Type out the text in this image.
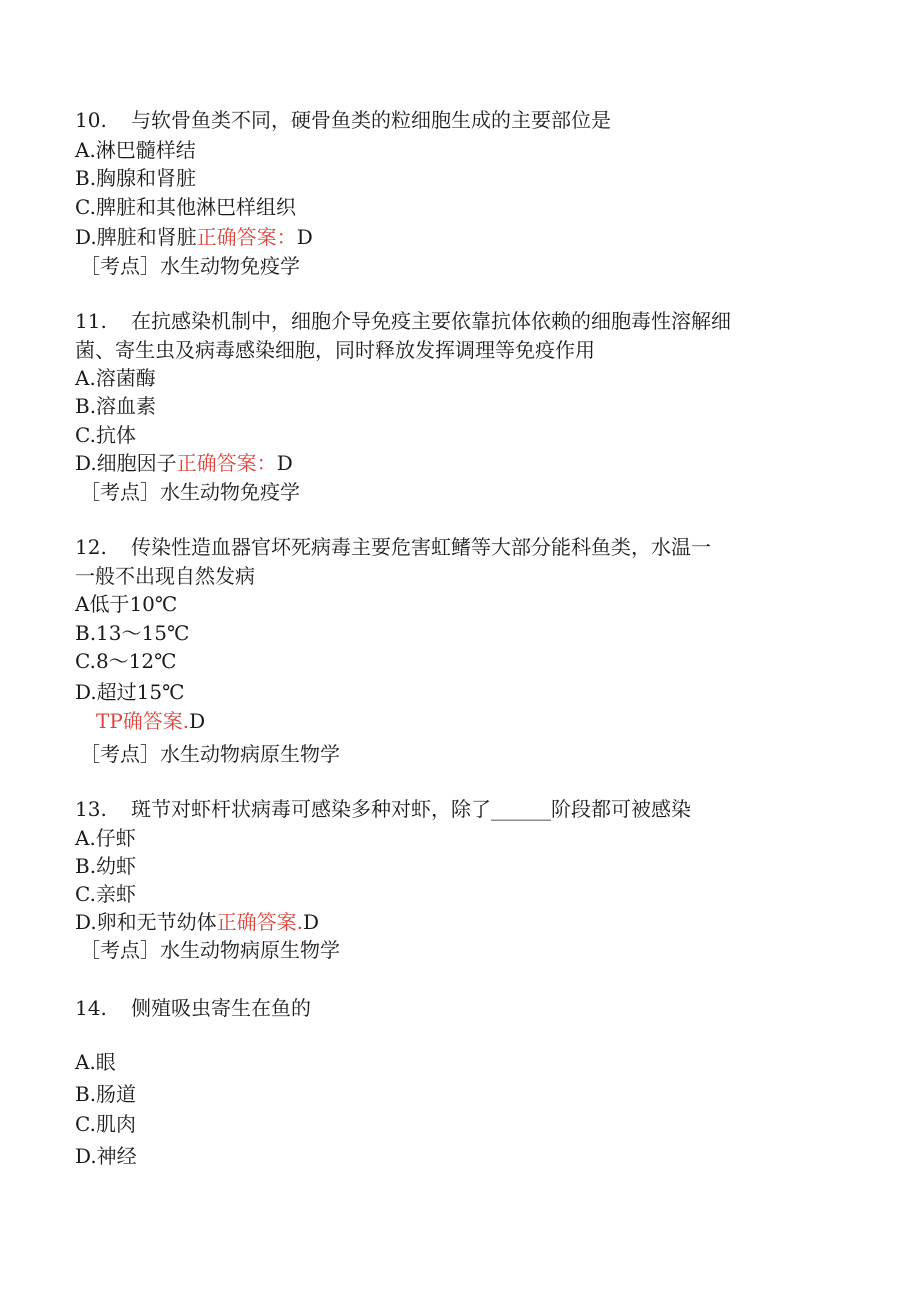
10. 与软骨鱼类不同，硬骨鱼类的粒细胞生成的主要部位是
A.淋巴髓样结
B.胸腺和肾脏
C.脾脏和其他淋巴样组织
D.脾脏和肾脏正确答案：D
［考点］水生动物免疫学
11. 在抗感染机制中，细胞介导免疫主要依靠抗体依赖的细胞毒性溶解细
菌、寄生虫及病毒感染细胞，同时释放发挥调理等免疫作用
A.溶菌酶
B.溶血素
C.抗体
D.细胞因子正确答案：D
［考点］水生动物免疫学
12. 传染性造血器官坏死病毒主要危害虹鳍等大部分能科鱼类，水温一
一般不出现自然发病
A低于10℃
B.13～15℃
C.8～12℃
D.超过15℃
TP确答案.D
［考点］水生动物病原生物学
13. 斑节对虾杆状病毒可感染多种对虾，除了______阶段都可被感染
A.仔虾
B.幼虾
C.亲虾
D.卵和无节幼体正确答案.D
［考点］水生动物病原生物学
14. 侧殖吸虫寄生在鱼的
A.眼
B.肠道
C.肌肉
D.神经
